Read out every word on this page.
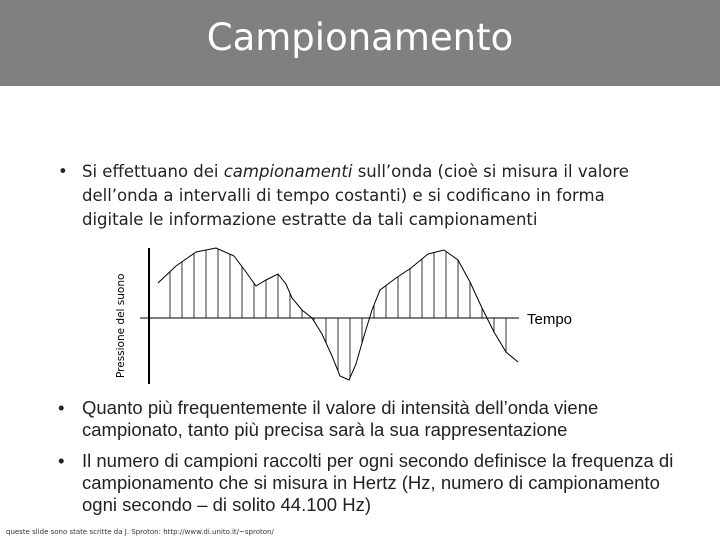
Campionamento
• Si effettuano dei campionamenti sull’onda (cioè si misura il valore dell’onda a intervalli di tempo costanti) e si codificano in forma digitale le informazione estratte da tali campionamenti
Pressione del suono	Tempo
• Quanto più frequentemente il valore di intensità dell’onda viene campionato, tanto più precisa sarà la sua rappresentazione
• Il numero di campioni raccolti per ogni secondo definisce la frequenza di campionamento che si misura in Hertz (Hz, numero di campionamento ogni secondo – di solito 44.100 Hz)
queste slide sono state scritte da J. Sproton: http://www.di.unito.it/~sproton/
